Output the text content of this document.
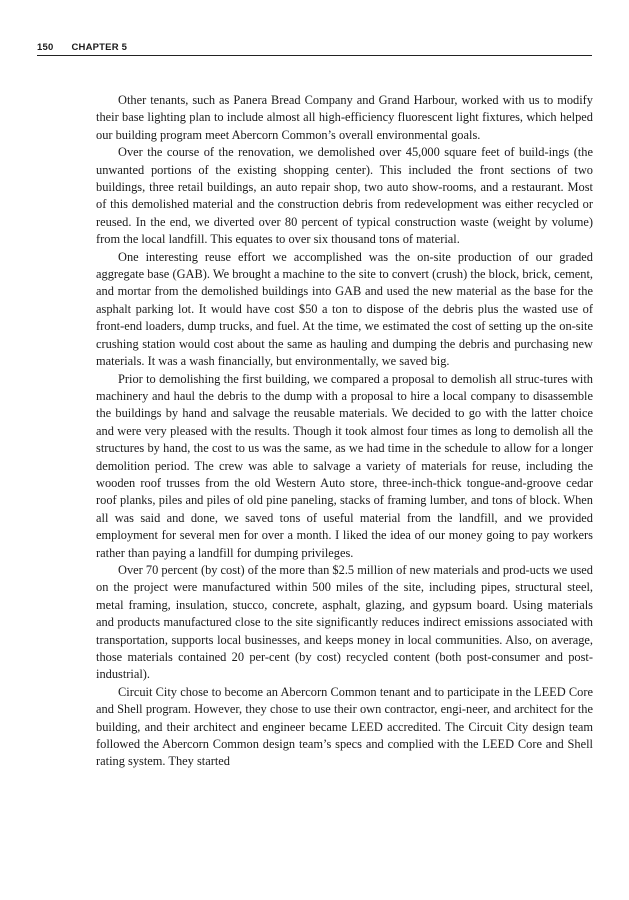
150 CHAPTER 5

Other tenants, such as Panera Bread Company and Grand Harbour, worked with us to modify their base lighting plan to include almost all high-efficiency fluorescent light fixtures, which helped our building program meet Abercorn Common’s overall environmental goals.

Over the course of the renovation, we demolished over 45,000 square feet of build-ings (the unwanted portions of the existing shopping center). This included the front sections of two buildings, three retail buildings, an auto repair shop, two auto show-rooms, and a restaurant. Most of this demolished material and the construction debris from redevelopment was either recycled or reused. In the end, we diverted over 80 percent of typical construction waste (weight by volume) from the local landfill. This equates to over six thousand tons of material.

One interesting reuse effort we accomplished was the on-site production of our graded aggregate base (GAB). We brought a machine to the site to convert (crush) the block, brick, cement, and mortar from the demolished buildings into GAB and used the new material as the base for the asphalt parking lot. It would have cost $50 a ton to dispose of the debris plus the wasted use of front-end loaders, dump trucks, and fuel. At the time, we estimated the cost of setting up the on-site crushing station would cost about the same as hauling and dumping the debris and purchasing new materials. It was a wash financially, but environmentally, we saved big.

Prior to demolishing the first building, we compared a proposal to demolish all struc-tures with machinery and haul the debris to the dump with a proposal to hire a local company to disassemble the buildings by hand and salvage the reusable materials. We decided to go with the latter choice and were very pleased with the results. Though it took almost four times as long to demolish all the structures by hand, the cost to us was the same, as we had time in the schedule to allow for a longer demolition period. The crew was able to salvage a variety of materials for reuse, including the wooden roof trusses from the old Western Auto store, three-inch-thick tongue-and-groove cedar roof planks, piles and piles of old pine paneling, stacks of framing lumber, and tons of block. When all was said and done, we saved tons of useful material from the landfill, and we provided employment for several men for over a month. I liked the idea of our money going to pay workers rather than paying a landfill for dumping privileges.

Over 70 percent (by cost) of the more than $2.5 million of new materials and prod-ucts we used on the project were manufactured within 500 miles of the site, including pipes, structural steel, metal framing, insulation, stucco, concrete, asphalt, glazing, and gypsum board. Using materials and products manufactured close to the site significantly reduces indirect emissions associated with transportation, supports local businesses, and keeps money in local communities. Also, on average, those materials contained 20 per-cent (by cost) recycled content (both post-consumer and post-industrial).

Circuit City chose to become an Abercorn Common tenant and to participate in the LEED Core and Shell program. However, they chose to use their own contractor, engi-neer, and architect for the building, and their architect and engineer became LEED accredited. The Circuit City design team followed the Abercorn Common design team’s specs and complied with the LEED Core and Shell rating system. They started
